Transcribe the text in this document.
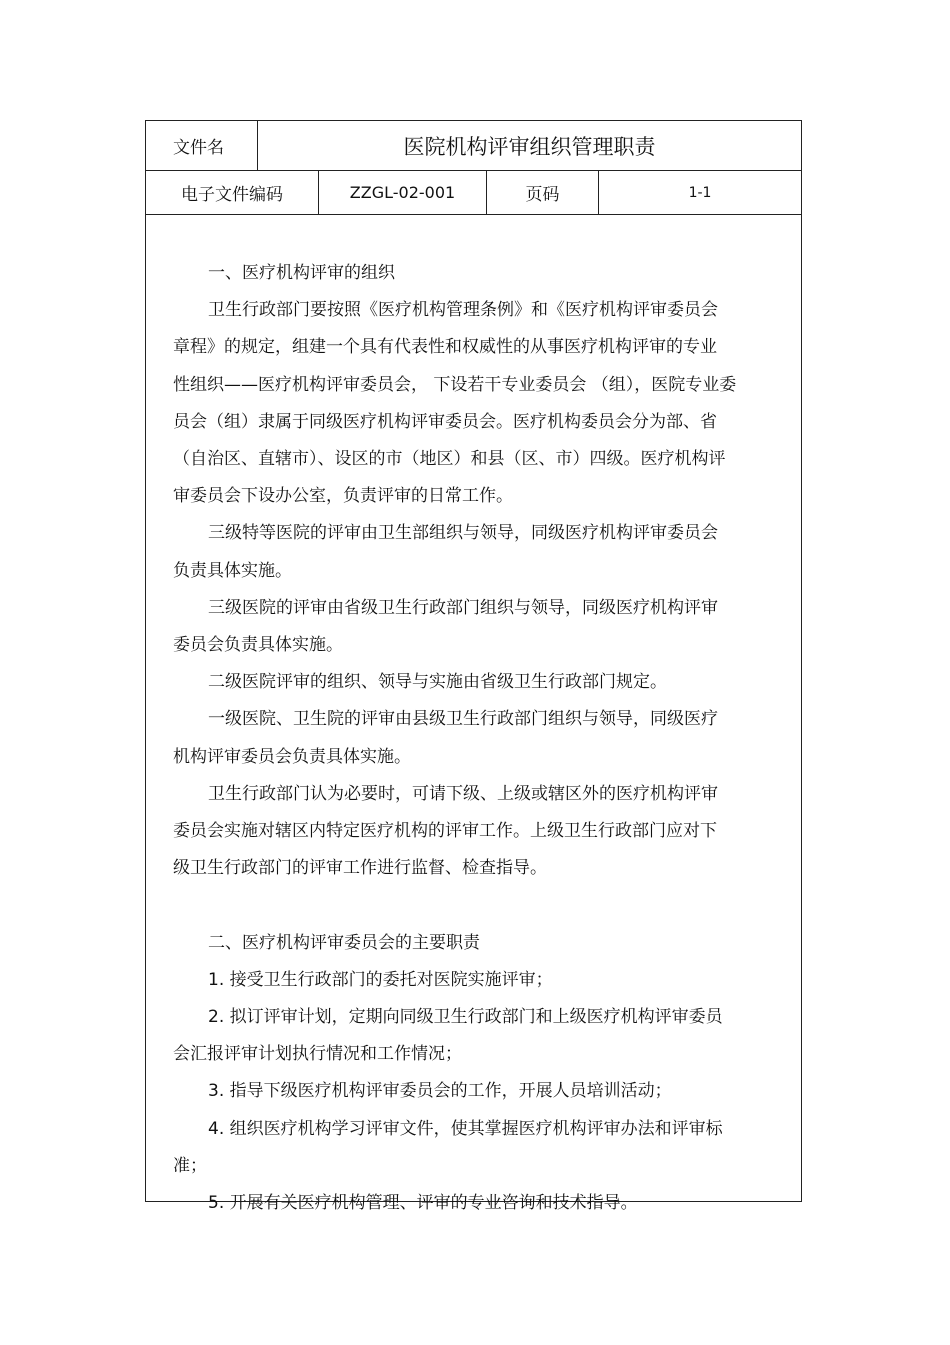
文件名	医院机构评审组织管理职责
电子文件编码	ZZGL-02-001	页码	1-1

一、医疗机构评审的组织

卫生行政部门要按照《医疗机构管理条例》和《医疗机构评审委员会

章程》的规定，组建一个具有代表性和权威性的从事医疗机构评审的专业

性组织——医疗机构评审委员会， 下设若干专业委员会 （组），医院专业委

员会（组）隶属于同级医疗机构评审委员会。医疗机构委员会分为部、省

（自治区、直辖市）、设区的市（地区）和县（区、市）四级。医疗机构评

审委员会下设办公室，负责评审的日常工作。

三级特等医院的评审由卫生部组织与领导，同级医疗机构评审委员会

负责具体实施。

三级医院的评审由省级卫生行政部门组织与领导，同级医疗机构评审

委员会负责具体实施。

二级医院评审的组织、领导与实施由省级卫生行政部门规定。

一级医院、卫生院的评审由县级卫生行政部门组织与领导，同级医疗

机构评审委员会负责具体实施。

卫生行政部门认为必要时，可请下级、上级或辖区外的医疗机构评审

委员会实施对辖区内特定医疗机构的评审工作。上级卫生行政部门应对下

级卫生行政部门的评审工作进行监督、检查指导。

二、医疗机构评审委员会的主要职责

1. 接受卫生行政部门的委托对医院实施评审；

2. 拟订评审计划，定期向同级卫生行政部门和上级医疗机构评审委员

会汇报评审计划执行情况和工作情况；

3. 指导下级医疗机构评审委员会的工作，开展人员培训活动；

4. 组织医疗机构学习评审文件，使其掌握医疗机构评审办法和评审标

准；

5. 开展有关医疗机构管理、评审的专业咨询和技术指导。
